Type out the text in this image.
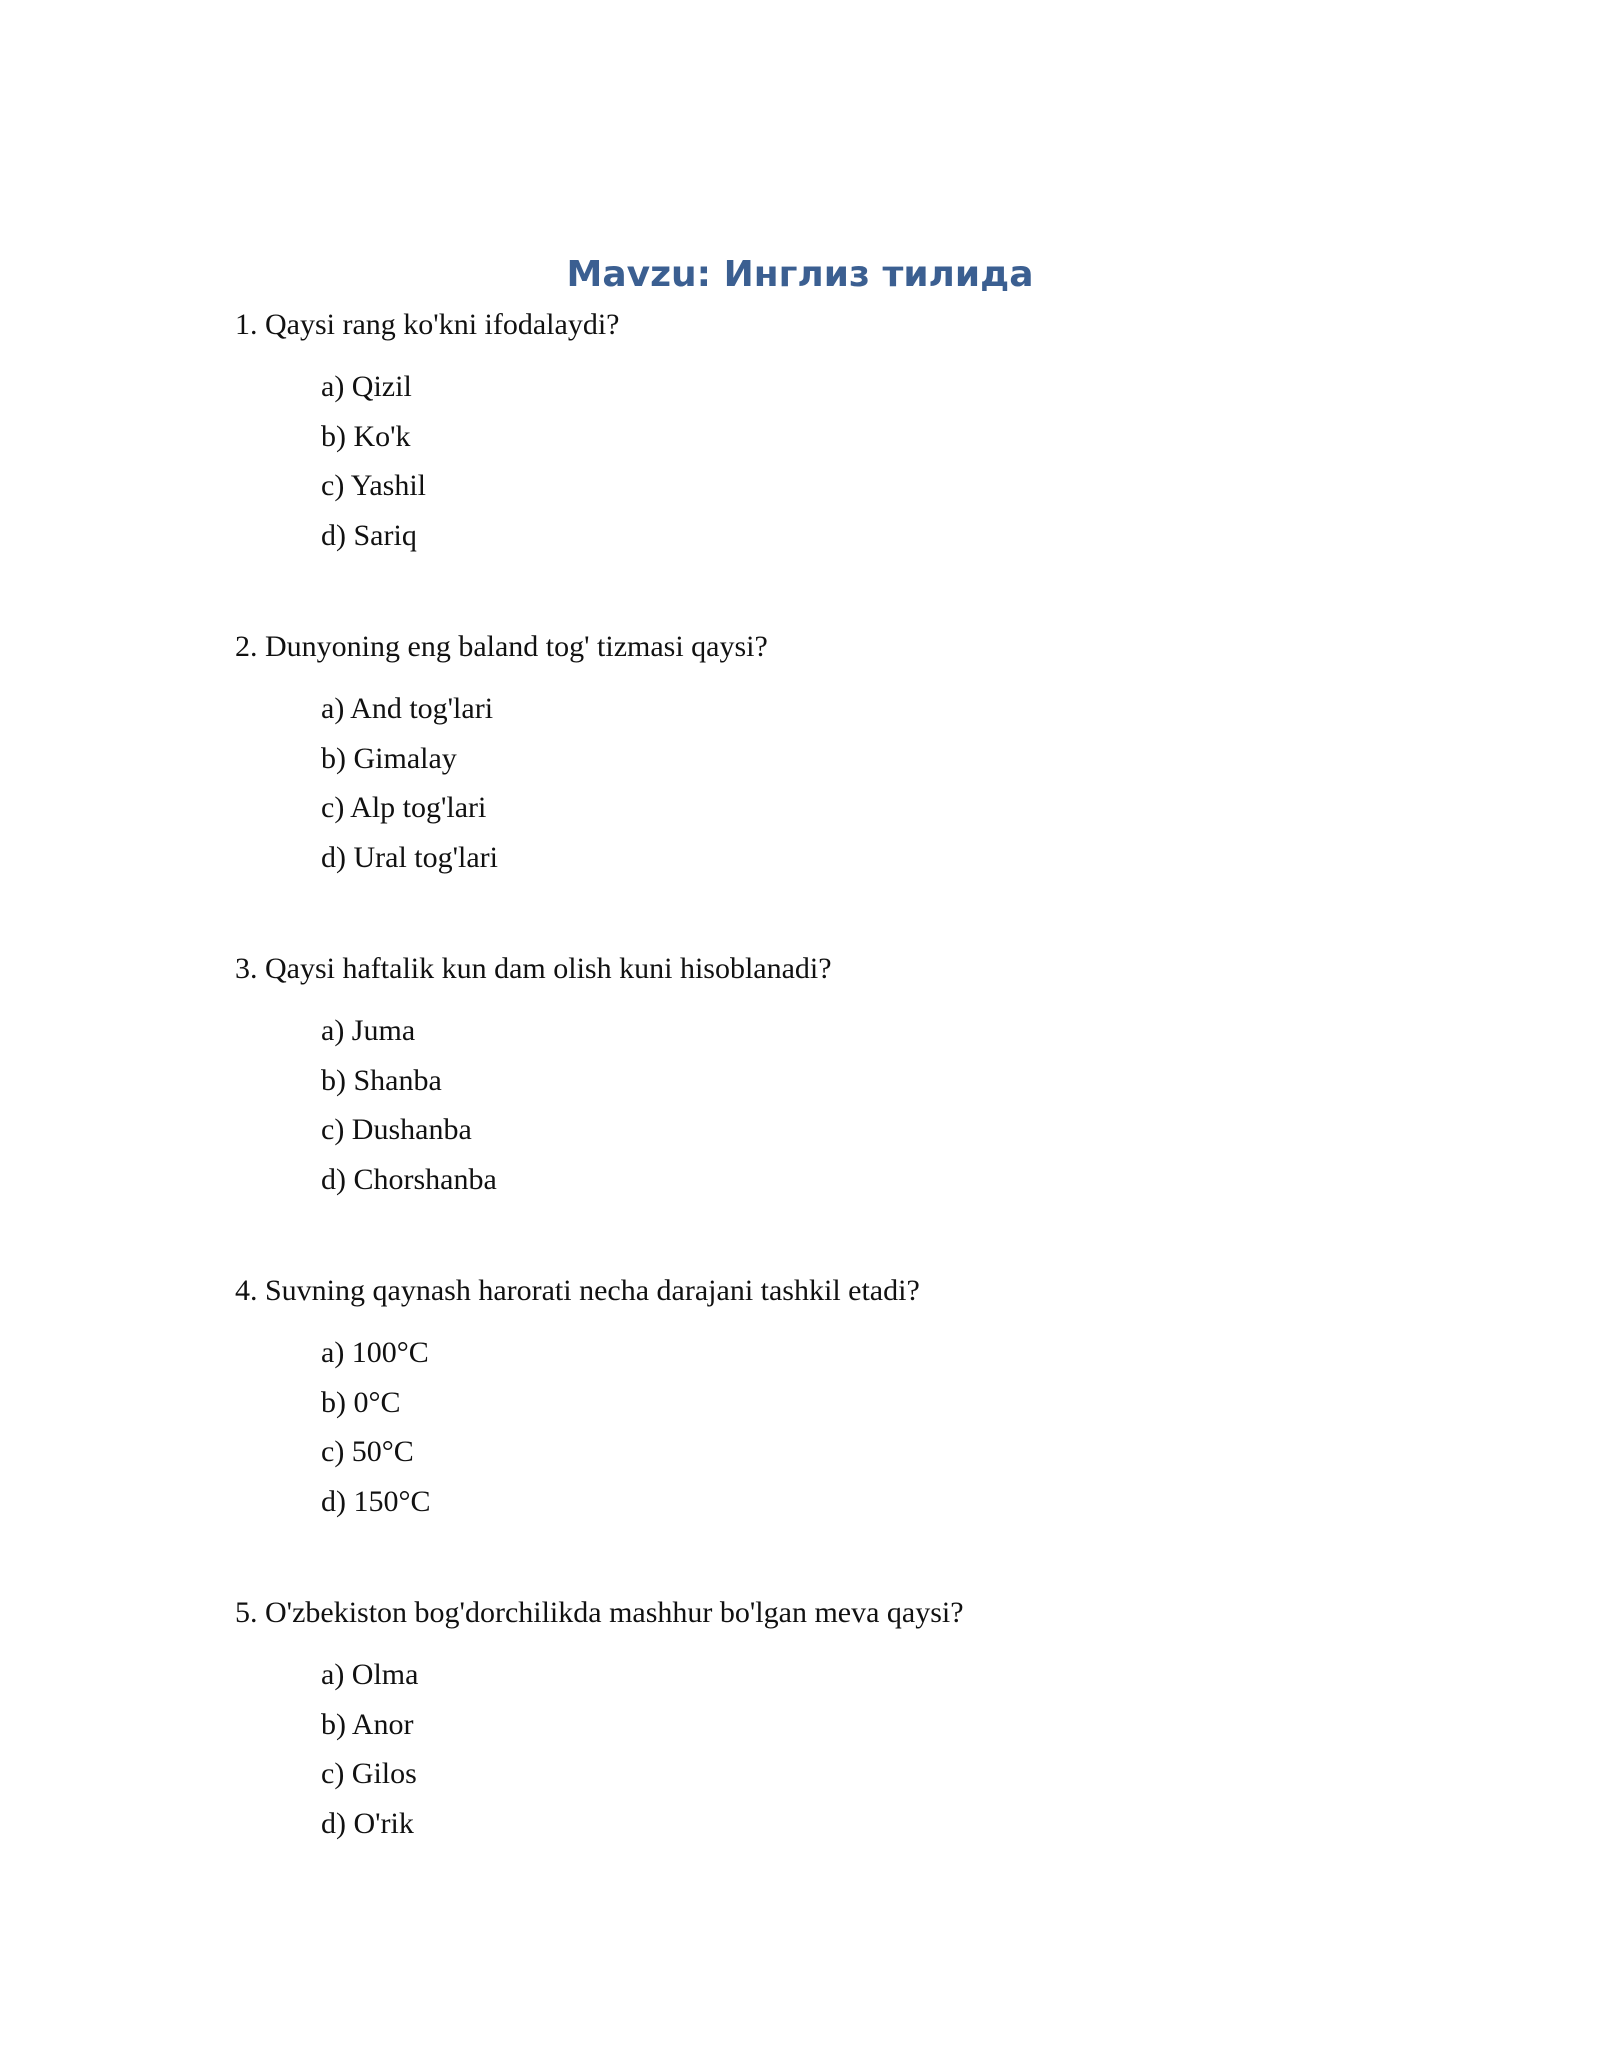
Mavzu: Инглиз тилида

1. Qaysi rang ko'kni ifodalaydi?

a) Qizil
b) Ko'k
c) Yashil
d) Sariq

2. Dunyoning eng baland tog' tizmasi qaysi?

a) And tog'lari
b) Gimalay
c) Alp tog'lari
d) Ural tog'lari

3. Qaysi haftalik kun dam olish kuni hisoblanadi?

a) Juma
b) Shanba
c) Dushanba
d) Chorshanba

4. Suvning qaynash harorati necha darajani tashkil etadi?

a) 100°C
b) 0°C
c) 50°C
d) 150°C

5. O'zbekiston bog'dorchilikda mashhur bo'lgan meva qaysi?

a) Olma
b) Anor
c) Gilos
d) O'rik
